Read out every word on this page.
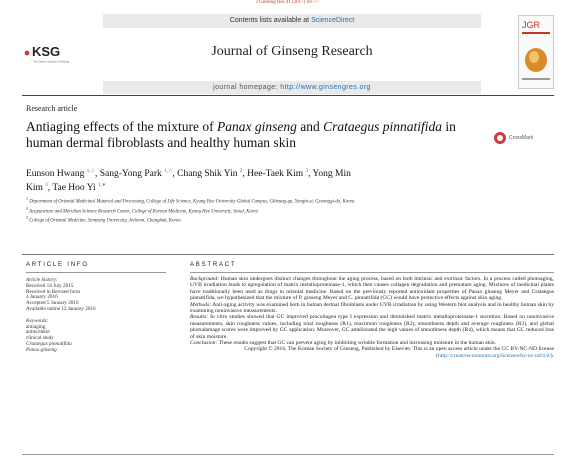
J Ginseng Res 41 (2017) 69–77
KSG
The Korean Society of Ginseng
Contents lists available at ScienceDirect
Journal of Ginseng Research
journal homepage: http://www.ginsengres.org
JGR
Research article
Antiaging effects of the mixture of Panax ginseng and Crataegus pinnatifida in human dermal fibroblasts and healthy human skin	CrossMark
Eunson Hwang $^{1,☆}$, Sang-Yong Park $^{1,☆}$, Chang Shik Yin $^2$, Hee-Taek Kim $^3$, Yong Min Kim $^3$, Tae Hoo Yi $^{1,∗}$
$^1$ Department of Oriental Medicinal Material and Processing, College of Life Science, Kyung Hee University Global Campus, Giheung-gu, Yongin-si, Gyeonggi-do, Korea
$^2$ Acupuncture and Meridian Science Research Center, College of Korean Medicine, Kyung Hee University, Seoul, Korea
$^3$ College of Oriental Medicine, Semyung University, Jecheon, Chungbuk, Korea
ARTICLE INFO	ABSTRACT
Article history:
Received 14 July 2015
Received in Revised form
4 January 2016
Accepted 5 January 2016
Available online 12 January 2016
Keywords:
antiaging
antiwrinkle
clinical study
Crataegus pinnatifida
Panax ginseng
Background: Human skin undergoes distinct changes throughout the aging process, based on both intrinsic and extrinsic factors. In a process called photoaging, UVB irradiation leads to upregulation of matrix metalloproteinase-1, which then causes collagen degradation and premature aging. Mixtures of medicinal plants have traditionally been used as drugs in oriental medicine. Based on the previously reported antioxidant properties of Panax ginseng Meyer and Crataegus pinnatifida, we hypothesized that the mixture of P. ginseng Meyer and C. pinnatifida (GC) would have protective effects against skin aging.
Methods: Anti-aging activity was examined both in human dermal fibroblasts under UVB irradiation by using Western blot analysis and in healthy human skin by examining noninvasive measurements.
Results: In vitro studies showed that GC improved procollagen type I expression and diminished matrix metalloproteinase-1 secretion. Based on noninvasive measurements, skin roughness values, including total roughness (R1), maximum roughness (R2), smoothness depth and average roughness (R3), and global photodamage scores were improved by GC application. Moreover, GC ameliorated the high values of smoothness depth (R4), which means that GC reduced loss of skin moisture.
Conclusion: These results suggest that GC can prevent aging by inhibiting wrinkle formation and increasing moisture in the human skin.
Copyright © 2016, The Korean Society of Ginseng, Published by Elsevier. This is an open access article under the CC BY-NC-ND license (http://creativecommons.org/licenses/by-nc-nd/4.0/).
